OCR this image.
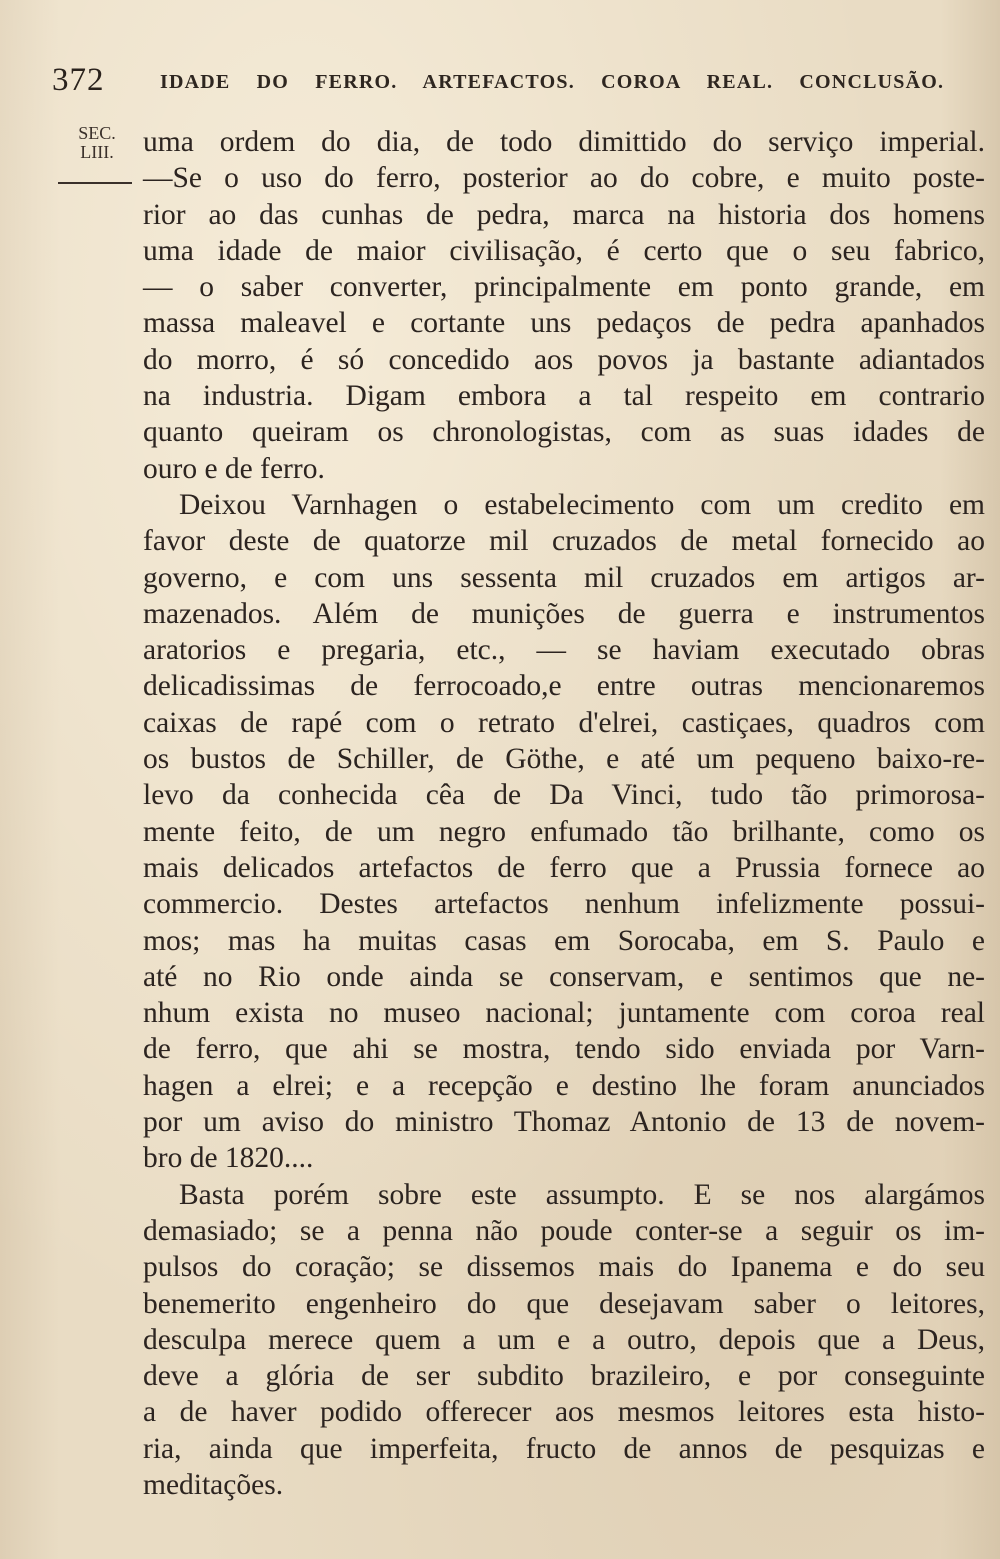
372	IDADE DO FERRO. ARTEFACTOS. COROA REAL. CONCLUSÃO.
SEC.
LIII. uma ordem do dia, de todo dimittido do serviço imperial.
—Se o uso do ferro, posterior ao do cobre, e muito poste-
rior ao das cunhas de pedra, marca na historia dos homens
uma idade de maior civilisação, é certo que o seu fabrico,
— o saber converter, principalmente em ponto grande, em
massa maleavel e cortante uns pedaços de pedra apanhados
do morro, é só concedido aos povos ja bastante adiantados
na industria. Digam embora a tal respeito em contrario
quanto queiram os chronologistas, com as suas idades de
ouro e de ferro.
Deixou Varnhagen o estabelecimento com um credito em
favor deste de quatorze mil cruzados de metal fornecido ao
governo, e com uns sessenta mil cruzados em artigos ar-
mazenados. Além de munições de guerra e instrumentos
aratorios e pregaria, etc., — se haviam executado obras
delicadissimas de ferrocoado,e entre outras mencionaremos
caixas de rapé com o retrato d'elrei, castiçaes, quadros com
os bustos de Schiller, de Göthe, e até um pequeno baixo-re-
levo da conhecida cêa de Da Vinci, tudo tão primorosa-
mente feito, de um negro enfumado tão brilhante, como os
mais delicados artefactos de ferro que a Prussia fornece ao
commercio. Destes artefactos nenhum infelizmente possui-
mos; mas ha muitas casas em Sorocaba, em S. Paulo e
até no Rio onde ainda se conservam, e sentimos que ne-
nhum exista no museo nacional; juntamente com coroa real
de ferro, que ahi se mostra, tendo sido enviada por Varn-
hagen a elrei; e a recepção e destino lhe foram anunciados
por um aviso do ministro Thomaz Antonio de 13 de novem-
bro de 1820....
Basta porém sobre este assumpto. E se nos alargámos
demasiado; se a penna não poude conter-se a seguir os im-
pulsos do coração; se dissemos mais do Ipanema e do seu
benemerito engenheiro do que desejavam saber o leitores,
desculpa merece quem a um e a outro, depois que a Deus,
deve a glória de ser subdito brazileiro, e por conseguinte
a de haver podido offerecer aos mesmos leitores esta histo-
ria, ainda que imperfeita, fructo de annos de pesquizas e
meditações.
